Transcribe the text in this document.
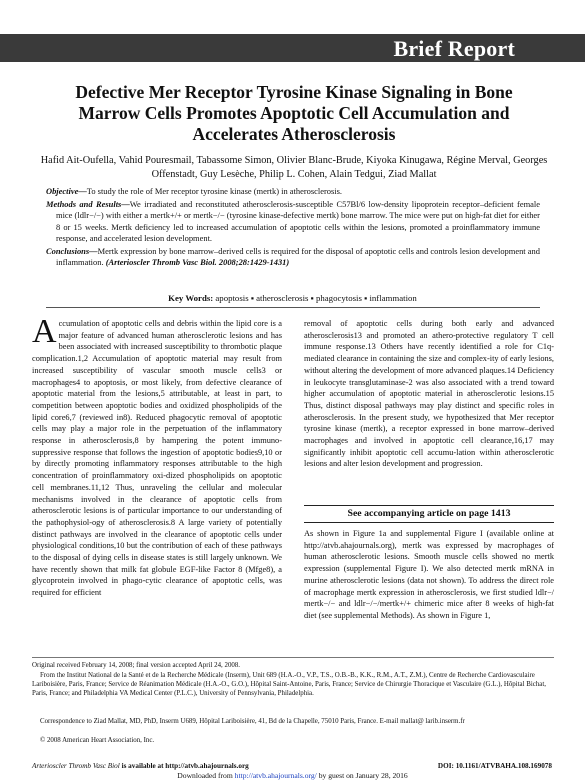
Brief Report
Defective Mer Receptor Tyrosine Kinase Signaling in Bone Marrow Cells Promotes Apoptotic Cell Accumulation and Accelerates Atherosclerosis
Hafid Ait-Oufella, Vahid Pouresmail, Tabassome Simon, Olivier Blanc-Brude, Kiyoka Kinugawa, Régine Merval, Georges Offenstadt, Guy Lesèche, Philip L. Cohen, Alain Tedgui, Ziad Mallat

Objective—To study the role of Mer receptor tyrosine kinase (mertk) in atherosclerosis.

Methods and Results—We irradiated and reconstituted atherosclerosis-susceptible C57Bl/6 low-density lipoprotein receptor–deficient female mice (ldlr−/−) with either a mertk+/+ or mertk−/− (tyrosine kinase-defective mertk) bone marrow. The mice were put on high-fat diet for either 8 or 15 weeks. Mertk deficiency led to increased accumulation of apoptotic cells within the lesions, promoted a proinflammatory immune response, and accelerated lesion development.

Conclusions—Mertk expression by bone marrow–derived cells is required for the disposal of apoptotic cells and controls lesion development and inflammation. (Arterioscler Thromb Vasc Biol. 2008;28:1429-1431)

Key Words: apoptosis ▪ atherosclerosis ▪ phagocytosis ▪ inflammation
Accumulation of apoptotic cells and debris within the lipid core is a major feature of advanced human atherosclerotic lesions and has been associated with increased susceptibility to thrombotic plaque complication.1,2 Accumulation of apoptotic material may result from increased susceptibility of vascular smooth muscle cells3 or macrophages4 to apoptosis, or most likely, from defective clearance of apoptotic material from the lesions,5 attributable, at least in part, to competition between apoptotic bodies and oxidized phospholipids of the lipid core6,7 (reviewed in8). Reduced phagocytic removal of apoptotic cells may play a major role in the perpetuation of the inflammatory response in atherosclerosis,8 by hampering the potent immuno-suppressive response that follows the ingestion of apoptotic bodies9,10 or by directly promoting inflammatory responses attributable to the high concentration of proinflammatory oxi-dized phospholipids on apoptotic cell membranes.11,12 Thus, unraveling the cellular and molecular mechanisms involved in the clearance of apoptotic cells from atherosclerotic lesions is of particular importance to our understanding of the pathophysiol-ogy of atherosclerosis.8 A large variety of potentially distinct pathways are involved in the clearance of apoptotic cells under physiological conditions,10 but the contribution of each of these pathways to the disposal of dying cells in disease states is still largely unknown. We have recently shown that milk fat globule EGF-like Factor 8 (Mfge8), a glycoprotein involved in phago-cytic clearance of apoptotic cells, was required for efficient
removal of apoptotic cells during both early and advanced atherosclerosis13 and promoted an athero-protective regulatory T cell immune response.13 Others have recently identified a role for C1q-mediated clearance in containing the size and complex-ity of early lesions, without altering the development of more advanced plaques.14 Deficiency in leukocyte transglutaminase-2 was also associated with a trend toward higher accumulation of apoptotic material in atherosclerotic lesions.15 Thus, distinct disposal pathways may play distinct and specific roles in atherosclerosis. In the present study, we hypothesized that Mer receptor tyrosine kinase (mertk), a receptor expressed in bone marrow–derived macrophages and involved in apoptotic cell clearance,16,17 may significantly inhibit apoptotic cell accumu-lation within atherosclerotic lesions and alter lesion development and progression.
See accompanying article on page 1413
As shown in Figure 1a and supplemental Figure I (available online at http://atvb.ahajournals.org), mertk was expressed by macrophages of human atherosclerotic lesions. Smooth muscle cells showed no mertk expression (supplemental Figure I). We also detected mertk mRNA in murine atherosclerotic lesions (data not shown). To address the direct role of macrophage mertk expression in atherosclerosis, we first studied ldlr−/ mertk−/− and ldlr−/−/mertk+/+ chimeric mice after 8 weeks of high-fat diet (see supplemental Methods). As shown in Figure 1,
Original received February 14, 2008; final version accepted April 24, 2008.
From the Institut National de la Santé et de la Recherche Médicale (Inserm), Unit 689 (H.A.-O., V.P., T.S., O.B.-B., K.K., R.M., A.T., Z.M.), Centre de Recherche Cardiovasculaire Lariboisière, Paris, France; Service de Réanimation Médicale (H.A.-O., G.O.), Hôpital Saint-Antoine, Paris, France; Service de Chirurgie Thoracique et Vasculaire (G.L.), Hôpital Bichat, Paris, France; and Philadelphia VA Medical Center (P.L.C.), University of Pennsylvania, Philadelphia.
Correspondence to Ziad Mallat, MD, PhD, Inserm U689, Hôpital Lariboisière, 41, Bd de la Chapelle, 75010 Paris, France. E-mail mallat@ larib.inserm.fr
© 2008 American Heart Association, Inc.
Arterioscler Thromb Vasc Biol is available at http://atvb.ahajournals.org	DOI: 10.1161/ATVBAHA.108.169078
Downloaded from http://atvb.ahajournals.org/ by guest on January 28, 2016
